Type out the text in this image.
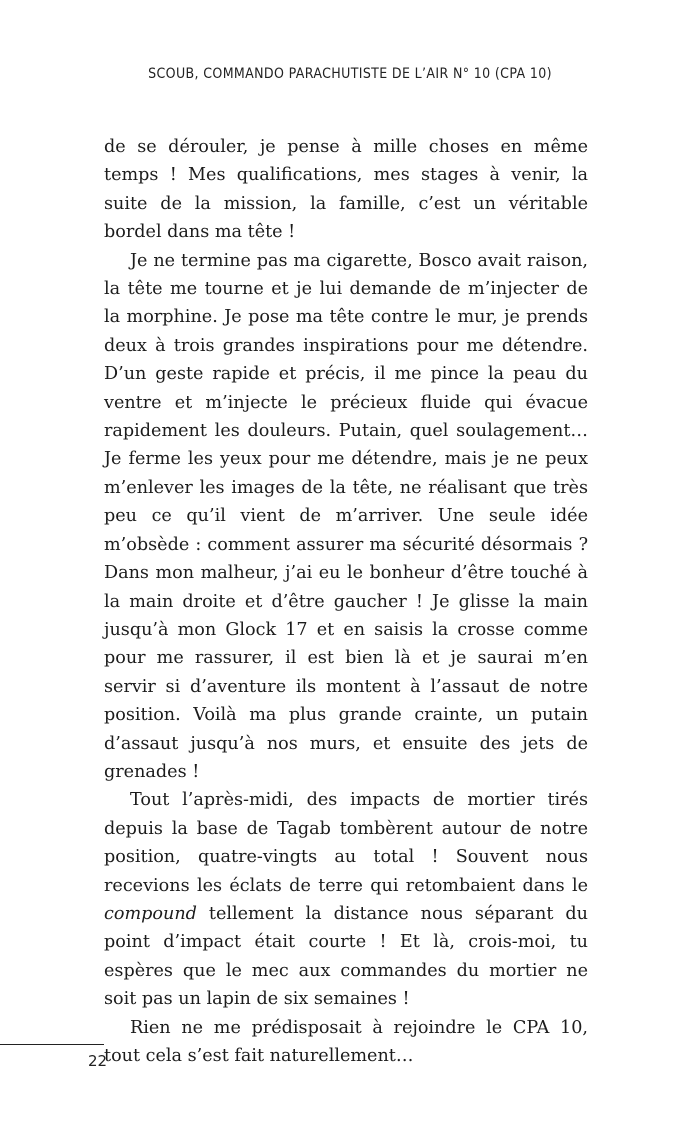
SCOUB, COMMANDO PARACHUTISTE DE L’AIR N° 10 (CPA 10)

de se dérouler, je pense à mille choses en même temps ! Mes qualifications, mes stages à venir, la suite de la mission, la famille, c’est un véritable bordel dans ma tête !

Je ne termine pas ma cigarette, Bosco avait raison, la tête me tourne et je lui demande de m’injecter de la morphine. Je pose ma tête contre le mur, je prends deux à trois grandes inspirations pour me détendre. D’un geste rapide et précis, il me pince la peau du ventre et m’injecte le précieux fluide qui évacue rapidement les douleurs. Putain, quel soulagement… Je ferme les yeux pour me détendre, mais je ne peux m’enlever les images de la tête, ne réalisant que très peu ce qu’il vient de m’arriver. Une seule idée m’obsède : comment assurer ma sécurité désormais ? Dans mon malheur, j’ai eu le bonheur d’être touché à la main droite et d’être gaucher ! Je glisse la main jusqu’à mon Glock 17 et en saisis la crosse comme pour me rassurer, il est bien là et je saurai m’en servir si d’aventure ils montent à l’assaut de notre position. Voilà ma plus grande crainte, un putain d’assaut jusqu’à nos murs, et ensuite des jets de grenades !

Tout l’après-midi, des impacts de mortier tirés depuis la base de Tagab tombèrent autour de notre position, quatre-vingts au total ! Souvent nous recevions les éclats de terre qui retombaient dans le compound tellement la distance nous séparant du point d’impact était courte ! Et là, crois-moi, tu espères que le mec aux commandes du mortier ne soit pas un lapin de six semaines !

Rien ne me prédisposait à rejoindre le CPA 10, tout cela s’est fait naturellement…

22
